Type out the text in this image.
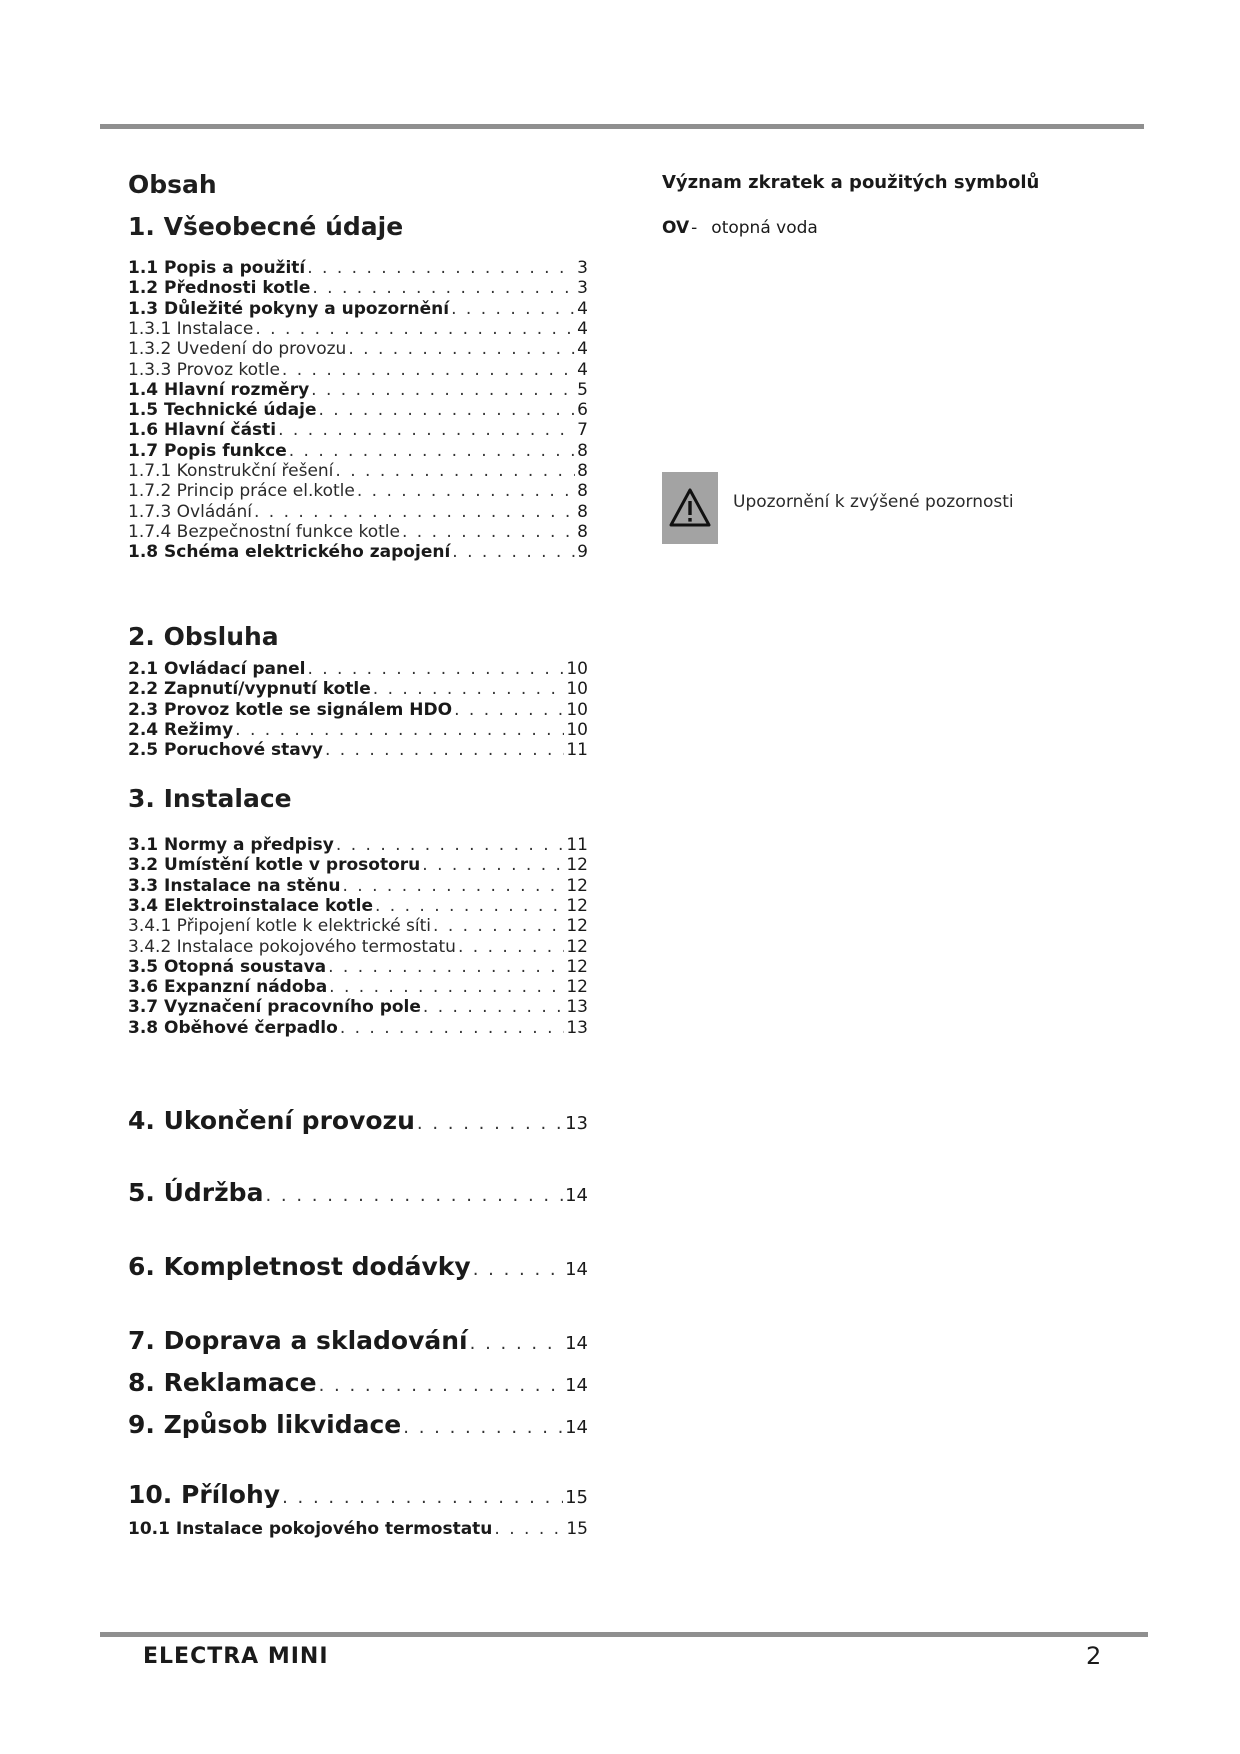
Obsah
1. Všeobecné údaje
2. Obsluha
3. Instalace
1.1 Popis a použití . . .	3
1.2 Přednosti kotle . . .	3
1.3 Důležité pokyny a upozornění . . .	4
1.3.1 Instalace . . .	4
1.3.2 Uvedení do provozu . . .	4
1.3.3 Provoz kotle . . .	4
1.4 Hlavní rozměry . . .	5
1.5 Technické údaje . . .	6
1.6 Hlavní části . . .	7
1.7 Popis funkce . . .	8
1.7.1 Konstrukční řešení . . .	8
1.7.2 Princip práce el.kotle . . .	8
1.7.3 Ovládání . . .	8
1.7.4 Bezpečnostní funkce kotle . . .	8
1.8 Schéma elektrického zapojení . . .	9
2.1 Ovládací panel . . .	10
2.2 Zapnutí/vypnutí kotle . . .	10
2.3 Provoz kotle se signálem HDO . . .	10
2.4 Režimy . . .	10
2.5 Poruchové stavy . . .	11
3.1 Normy a předpisy . . .	11
3.2 Umístění kotle v prosotoru . . .	12
3.3 Instalace na stěnu . . .	12
3.4 Elektroinstalace kotle . . .	12
3.4.1 Připojení kotle k elektrické síti . . .	12
3.4.2 Instalace pokojového termostatu . . .	12
3.5 Otopná soustava . . .	12
3.6 Expanzní nádoba . . .	12
3.7 Vyznačení pracovního pole . . .	13
3.8 Oběhové čerpadlo . . .	13
4. Ukončení provozu . . .	13
5. Údržba . . .	14
6. Kompletnost dodávky . . .	14
7. Doprava a skladování . . .	14
8. Reklamace . . .	14
9. Způsob likvidace . . .	14
10. Přílohy . . .	15
10.1 Instalace pokojového termostatu . . .	15
Význam zkratek a použitých symbolů
OV - otopná voda
Upozornění k zvýšené pozornosti
ELECTRA MINI	2
